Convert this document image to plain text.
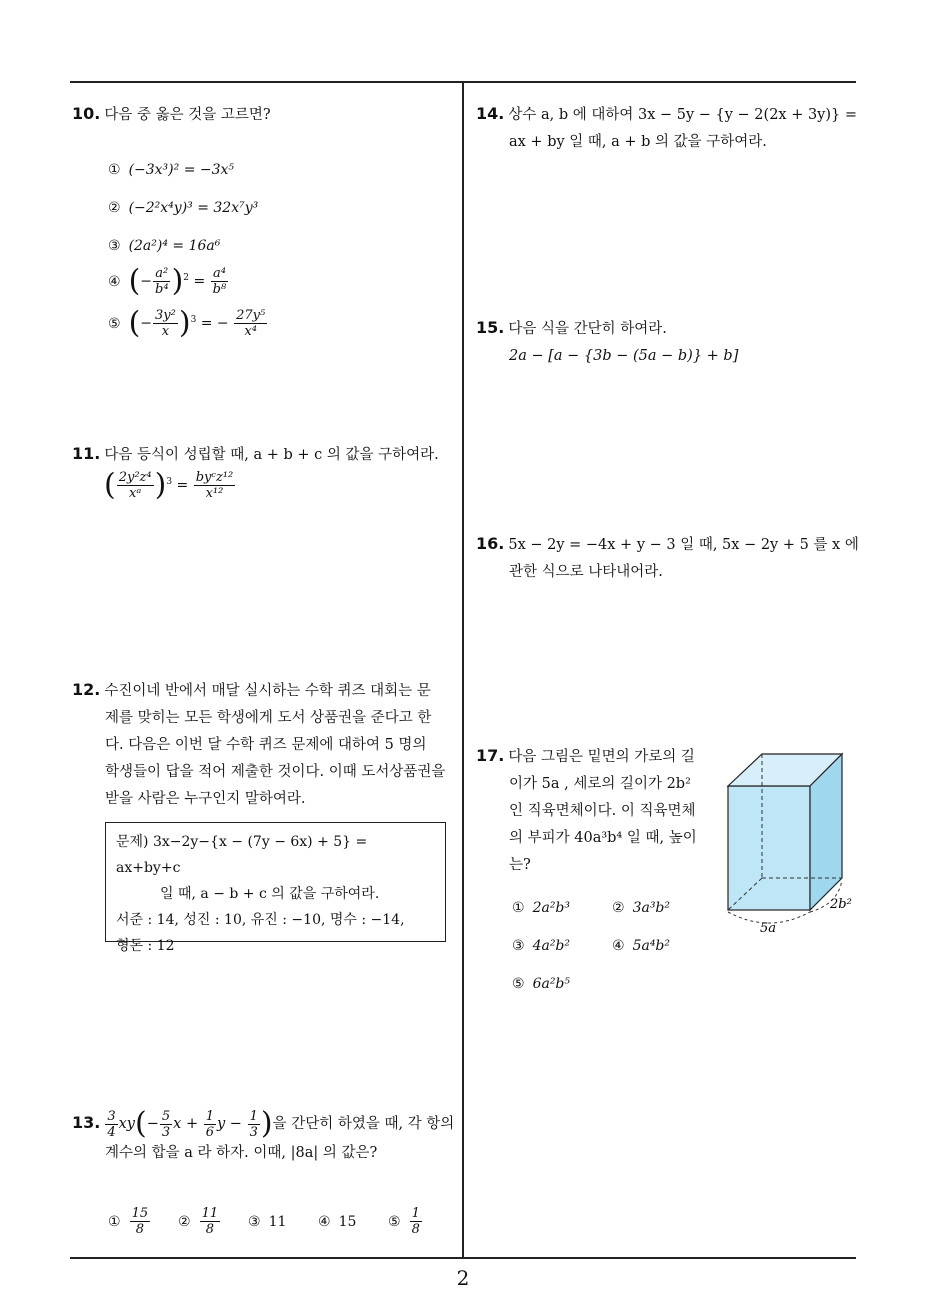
10. 다음 중 옳은 것을 고르면?
① (−3x³)² = −3x⁵
② (−2²x⁴y)³ = 32x⁷y³
③ (2a²)⁴ = 16a⁶
④ (− $\frac{\text{a²}}{\text{b⁴}} )^2 = \frac{\text{a⁴}}{\text{b⁸}}$
⑤ (− $\frac{\text{3y²}}{x} )^3$ = − $\frac{\text{27y⁵}}{\text{x⁴}}$
11. 다음 등식이 성립할 때, a + b + c 의 값을 구하여라.
( $\frac{\text{2y²z⁴}}{\text{xᵃ}} )^3 = \frac{\text{byᶜz¹²}}{\text{x¹²}}$
12. 수진이네 반에서 매달 실시하는 수학 퀴즈 대회는 문
제를 맞히는 모든 학생에게 도서 상품권을 준다고 한
다. 다음은 이번 달 수학 퀴즈 문제에 대하여 5 명의
학생들이 답을 적어 제출한 것이다. 이때 도서상품권을
받을 사람은 누구인지 말하여라.
문제) 3x−2y−{x − (7y − 6x) + 5} = ax+by+c
일 때, a − b + c 의 값을 구하여라.
서준 : 14, 성진 : 10, 유진 : −10, 명수 : −14,
형돈 : 12
13. $\frac{3}{4} xy(- \frac{5}{3}$ $x + \frac{1}{6}$ $y - \frac{1}{3}$ )을 간단히 하였을 때, 각 항의
계수의 합을 a 라 하자. 이때, |8a| 의 값은?
① $\frac{15}{8}$ ② $\frac{11}{8}$ ③ 11 ④ 15 ⑤ $\frac{1}{8}$
14. 상수 a, b 에 대하여 3x − 5y − {y − 2(2x + 3y)} =
ax + by 일 때, a + b 의 값을 구하여라.
15. 다음 식을 간단히 하여라.
2a − [a − {3b − (5a − b)} + b]
16. 5x − 2y = −4x + y − 3 일 때, 5x − 2y + 5 를 x 에
관한 식으로 나타내어라.
17. 다음 그림은 밑면의 가로의 길
이가 5a , 세로의 길이가 2b²
인 직육면체이다. 이 직육면체
의 부피가 40a³b⁴ 일 때, 높이
는?
① 2a²b³	② 3a³b²
③ 4a²b²	④ 5a⁴b²
⑤ 6a²b⁵
5a
2b²
2
